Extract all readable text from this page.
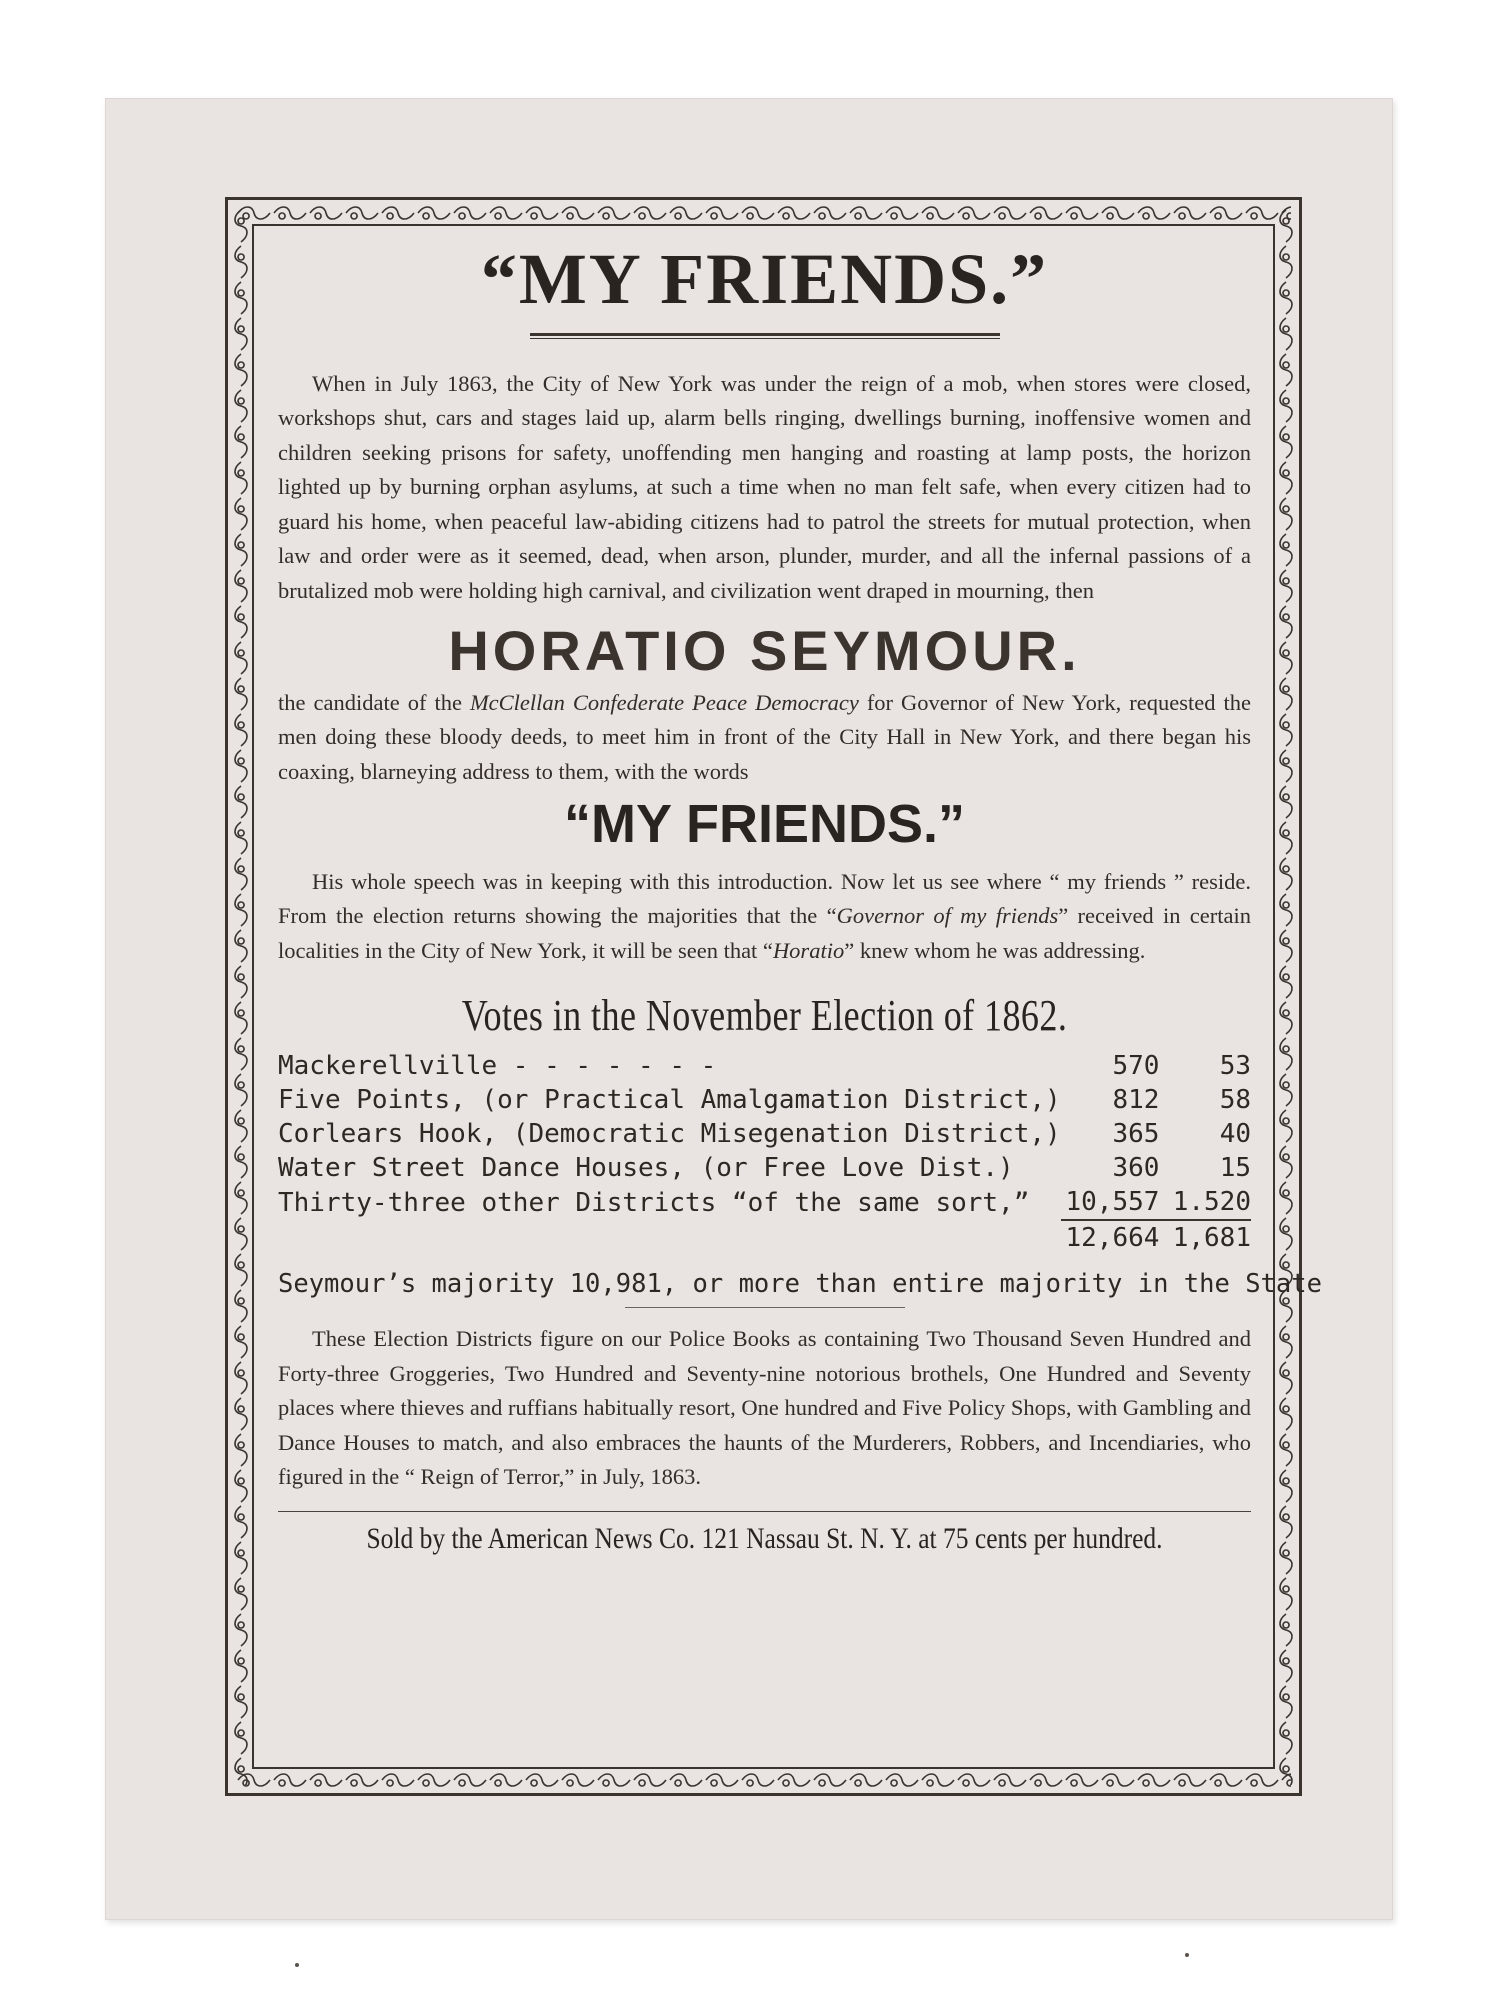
“MY FRIENDS.”

When in July 1863, the City of New York was under the reign of a mob, when stores were closed, workshops shut, cars and stages laid up, alarm bells ringing, dwellings burning, inoffensive women and children seeking prisons for safety, unoffending men hanging and roasting at lamp posts, the horizon lighted up by burning orphan asylums, at such a time when no man felt safe, when every citizen had to guard his home, when peaceful law-abiding citizens had to patrol the streets for mutual protection, when law and order were as it seemed, dead, when arson, plunder, murder, and all the infernal passions of a brutalized mob were holding high carnival, and civilization went draped in mourning, then

HORATIO SEYMOUR.

the candidate of the McClellan Confederate Peace Democracy for Governor of New York, requested the men doing these bloody deeds, to meet him in front of the City Hall in New York, and there began his coaxing, blarneying address to them, with the words

“MY FRIENDS.”

His whole speech was in keeping with this introduction. Now let us see where “ my friends ” reside. From the election returns showing the majorities that the “Governor of my friends” received in certain localities in the City of New York, it will be seen that “Horatio” knew whom he was addressing.

Votes in the November Election of 1862.
Mackerellville - - - - - - -	570	53
Five Points, (or Practical Amalgamation District,)	812	58
Corlears Hook, (Democratic Misegenation District,)	365	40
Water Street Dance Houses, (or Free Love Dist.)	360	15
Thirty-three other Districts “of the same sort,”	10,557	1.520
	12,664	1,681
Seymour’s majority 10,981, or more than entire majority in the State

These Election Districts figure on our Police Books as containing Two Thousand Seven Hundred and Forty-three Groggeries, Two Hundred and Seventy-nine notorious brothels, One Hundred and Seventy places where thieves and ruffians habitually resort, One hundred and Five Policy Shops, with Gambling and Dance Houses to match, and also embraces the haunts of the Murderers, Robbers, and Incendiaries, who figured in the “ Reign of Terror,” in July, 1863.

Sold by the American News Co. 121 Nassau St. N. Y. at 75 cents per hundred.
